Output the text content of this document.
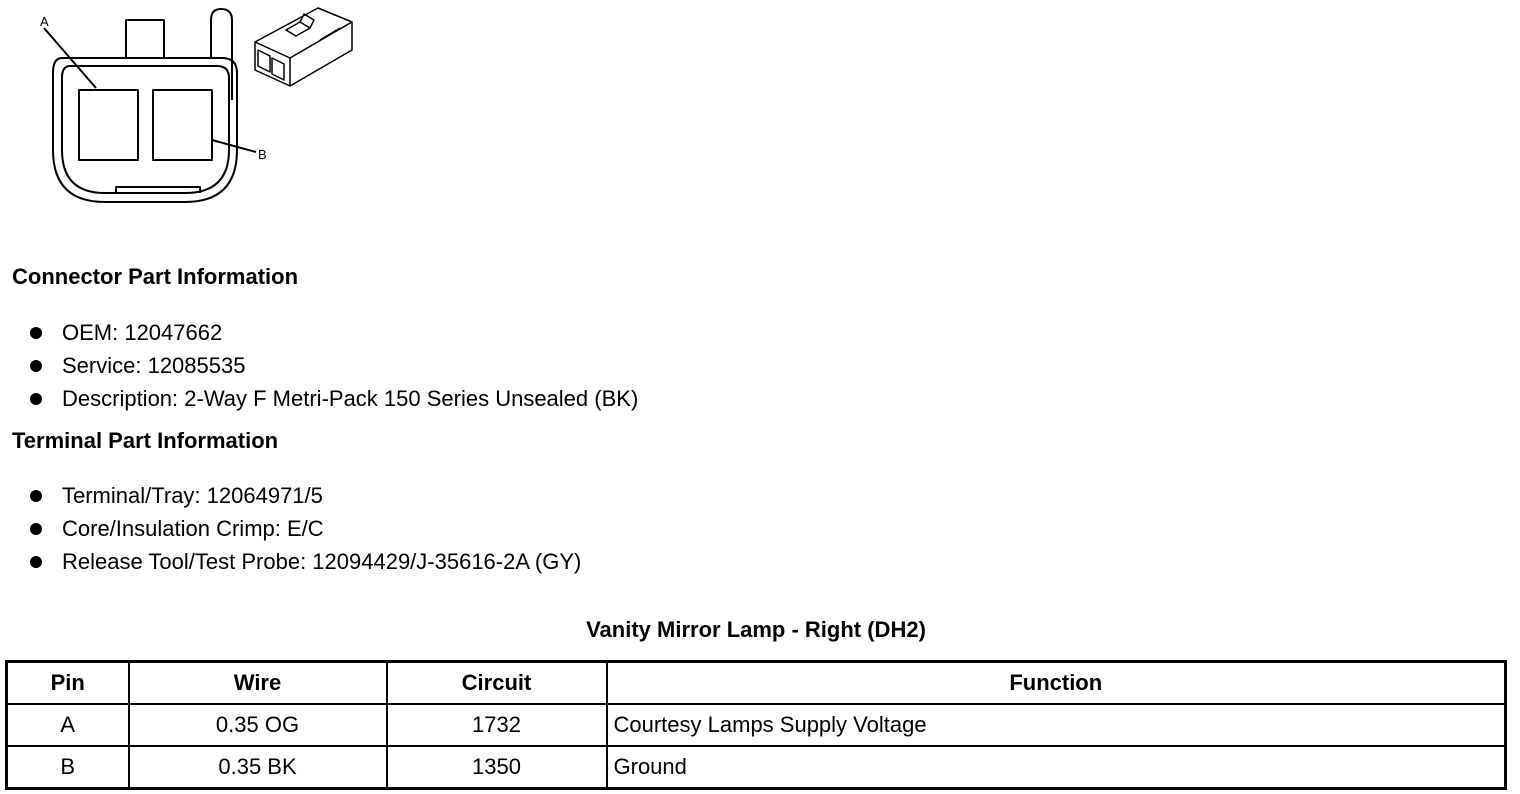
A
B
Connector Part Information
OEM: 12047662
Service: 12085535
Description: 2-Way F Metri-Pack 150 Series Unsealed (BK)
Terminal Part Information
Terminal/Tray: 12064971/5
Core/Insulation Crimp: E/C
Release Tool/Test Probe: 12094429/J-35616-2A (GY)
Vanity Mirror Lamp - Right (DH2)
Pin	Wire	Circuit	Function
A	0.35 OG	1732	Courtesy Lamps Supply Voltage
B	0.35 BK	1350	Ground
